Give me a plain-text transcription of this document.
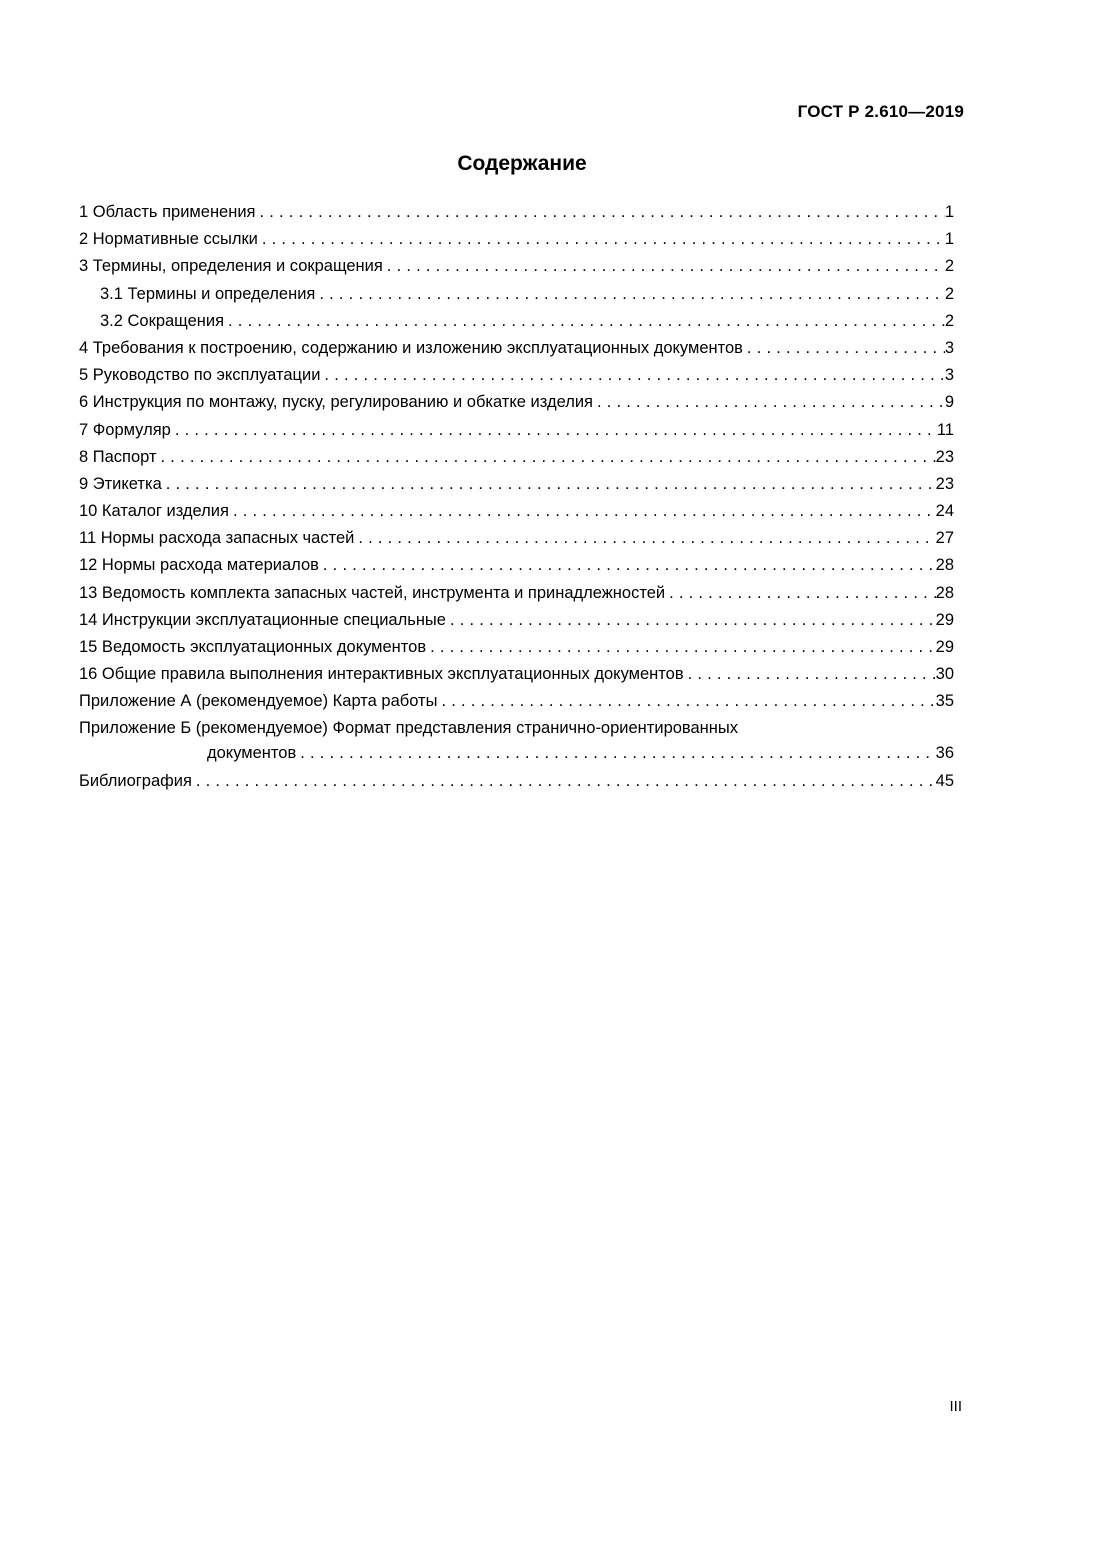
ГОСТ Р 2.610—2019
Содержание
1 Область применения . . .	1
2 Нормативные ссылки . . .	1
3 Термины, определения и сокращения . . .	2
3.1 Термины и определения . . .	2
3.2 Сокращения . . .	2
4 Требования к построению, содержанию и изложению эксплуатационных документов . . .	3
5 Руководство по эксплуатации . . .	3
6 Инструкция по монтажу, пуску, регулированию и обкатке изделия . . .	9
7 Формуляр . . .	11
8 Паспорт . . .	23
9 Этикетка . . .	23
10 Каталог изделия . . .	24
11 Нормы расхода запасных частей . . .	27
12 Нормы расхода материалов . . .	28
13 Ведомость комплекта запасных частей, инструмента и принадлежностей . . .	28
14 Инструкции эксплуатационные специальные . . .	29
15 Ведомость эксплуатационных документов . . .	29
16 Общие правила выполнения интерактивных эксплуатационных документов . . .	30
Приложение А (рекомендуемое) Карта работы . . .	35
Приложение Б (рекомендуемое) Формат представления странично-ориентированных
документов . . .	36
Библиография . . .	45
III
